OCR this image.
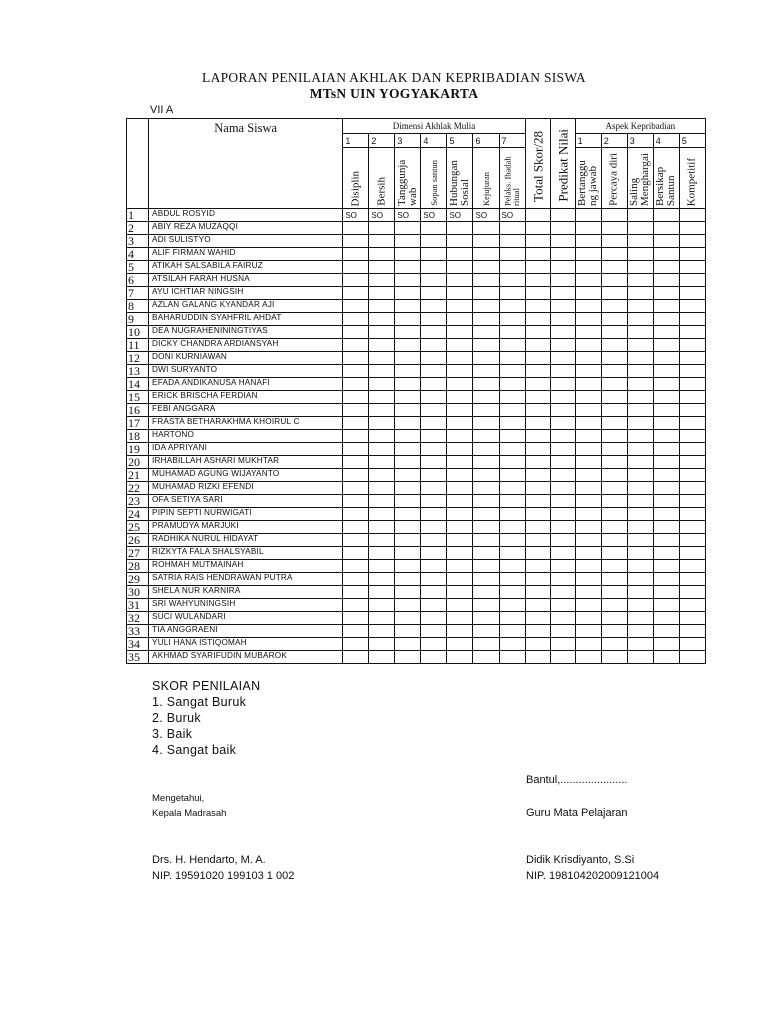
LAPORAN PENILAIAN AKHLAK DAN KEPRIBADIAN SISWA
MTsN UIN YOGYAKARTA
VII A
	Nama Siswa	Dimensi Akhlak Mulia							Total Skor/28	Predikat Nilai	Aspek Kepribadian				
		1	2	3	4	5	6	7			1	2	3	4	5

		Disiplin	Bersih	Tanggunja wab	Sopan santun	Hubungan Sosial	Kejujuran	Pelaks. Ibadah ritual			Bertanggu ng jawab	Percaya diri	Saling Menghargai	Bersikap Santun	Kompetitif

1	ABDUL ROSYID	SO	SO	SO	SO	SO	SO	SO							
2	ABIY REZA MUZAQQI														
3	ADI SULISTYO														
4	ALIF FIRMAN WAHID														
5	ATIKAH SALSABILA FAIRUZ														
6	ATSILAH FARAH HUSNA														
7	AYU ICHTIAR NINGSIH														
8	AZLAN GALANG KYANDAR AJI														
9	BAHARUDDIN SYAHFRIL AHDAT														
10	DEA NUGRAHENININGTIYAS														
11	DICKY CHANDRA ARDIANSYAH														
12	DONI KURNIAWAN														
13	DWI SURYANTO														
14	EFADA ANDIKANUSA HANAFI														
15	ERICK BRISCHA FERDIAN														
16	FEBI ANGGARA														
17	FRASTA BETHARAKHMA KHOIRUL C														
18	HARTONO														
19	IDA APRIYANI														
20	IRHABILLAH ASHARI MUKHTAR														
21	MUHAMAD AGUNG WIJAYANTO														
22	MUHAMAD RIZKI EFENDI														
23	OFA SETIYA SARI														
24	PIPIN SEPTI NURWIGATI														
25	PRAMUDYA MARJUKI														
26	RADHIKA NURUL HIDAYAT														
27	RIZKYTA FALA SHALSYABIL														
28	ROHMAH MUTMAINAH														
29	SATRIA RAIS HENDRAWAN PUTRA														
30	SHELA NUR KARNIRA														
31	SRI WAHYUNINGSIH														
32	SUCI WULANDARI														
33	TIA ANGGRAENI														
34	YULI HANA ISTIQOMAH														
35	AKHMAD SYARIFUDIN MUBAROK														
SKOR PENILAIAN
1. Sangat Buruk
2. Buruk
3. Baik
4. Sangat baik
Bantul,......................
Mengetahui,
Kepala Madrasah	Guru Mata Pelajaran
Drs. H. Hendarto, M. A.
NIP. 19591020 199103 1 002
Didik Krisdiyanto, S.Si
NIP. 198104202009121004
